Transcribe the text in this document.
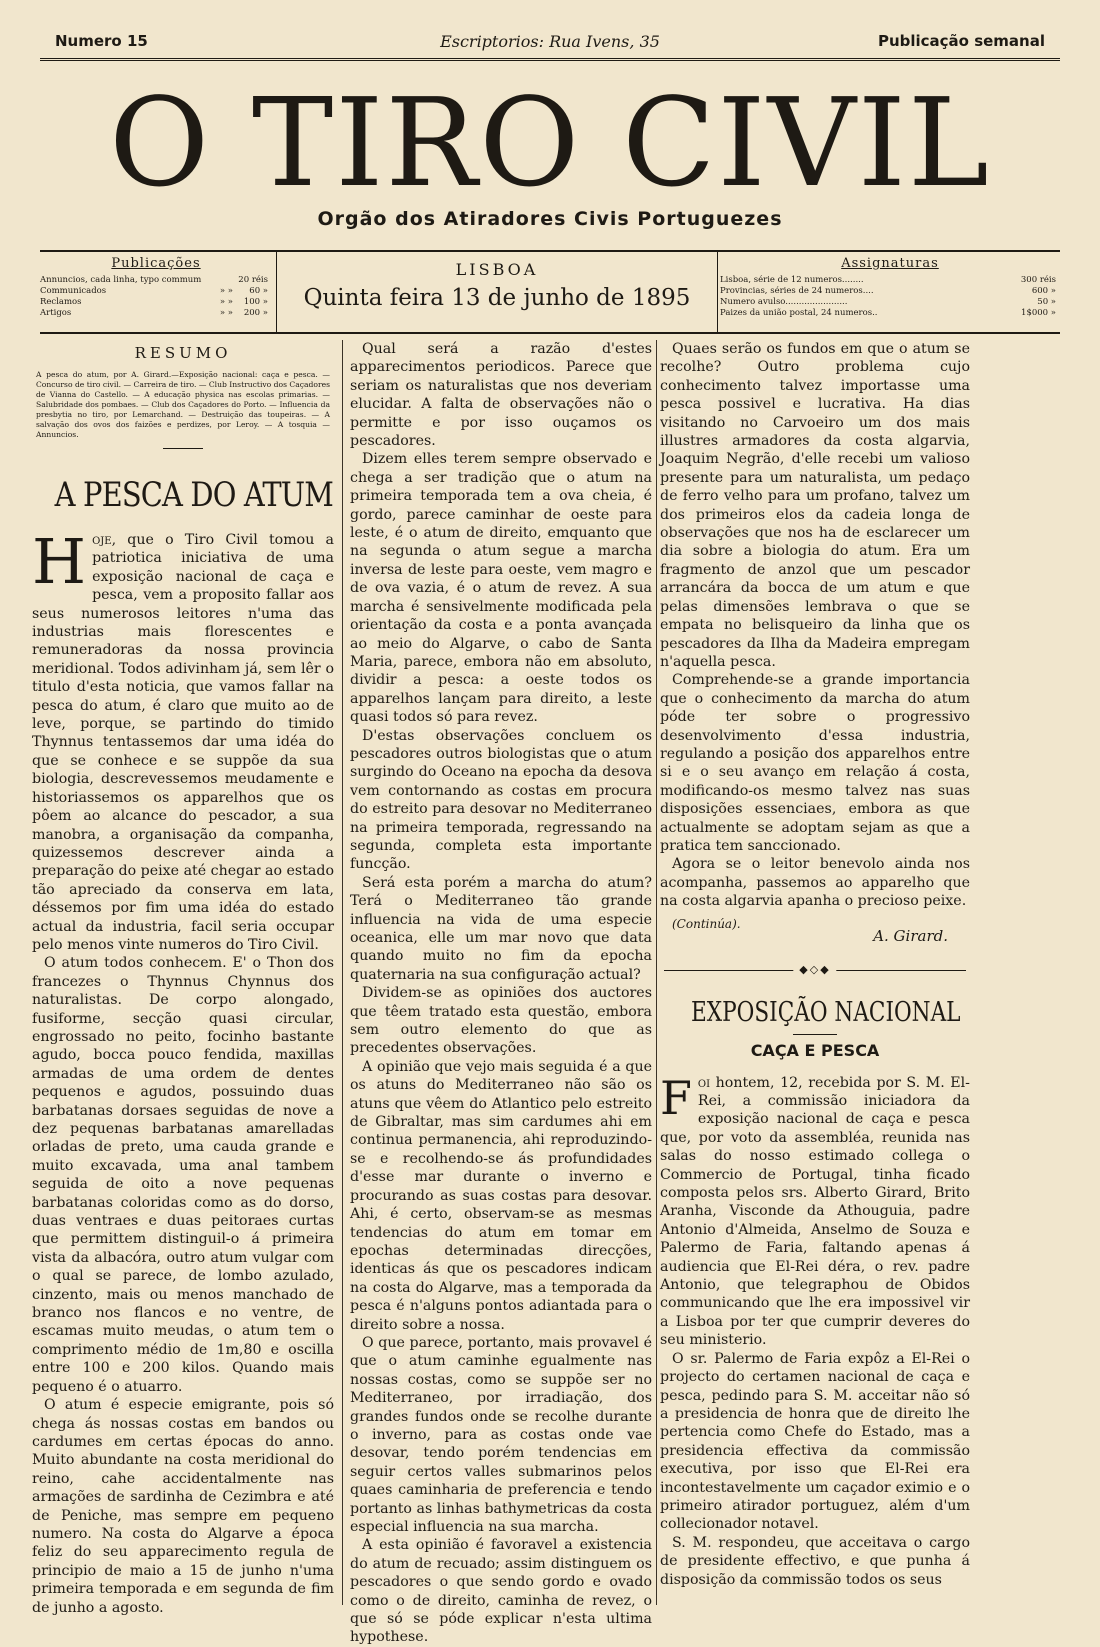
Numero 15	Escriptorios: Rua Ivens, 35	Publicação semanal
O TIRO CIVIL
Orgão dos Atiradores Civis Portuguezes
Publicações
Annuncios, cada linha, typo commum		20 réis
Communicados	» »	60 »
Reclamos	» »	100 »
Artigos	» »	200 »
LISBOA
Quinta feira 13 de junho de 1895
Assignaturas
Lisboa, série de 12 numeros........	300 réis
Provincias, séries de 24 numeros....	600 »
Numero avulso.......................	50 »
Paizes da união postal, 24 numeros..	1$000 »
RESUMO
A pesca do atum, por A. Girard.—Exposição nacional: caça e pesca. — Concurso de tiro civil. — Carreira de tiro. — Club Instructivo dos Caçadores de Vianna do Castello. — A educação physica nas escolas primarias. — Salubridade dos pombaes. — Club dos Caçadores do Porto. — Influencia da presbytia no tiro, por Lemarchand. — Destruição das toupeiras. — A salvação dos ovos dos faizões e perdizes, por Leroy. — A tosquia — Annuncios.
A PESCA DO ATUM

Hoje, que o Tiro Civil tomou a patriotica iniciativa de uma exposição nacional de caça e pesca, vem a proposito fallar aos seus numerosos leitores n'uma das industrias mais florescentes e remuneradoras da nossa provincia meridional. Todos adivinham já, sem lêr o titulo d'esta noticia, que vamos fallar na pesca do atum, é claro que muito ao de leve, porque, se partindo do timido Thynnus tentassemos dar uma idéa do que se conhece e se suppõe da sua biologia, descrevessemos meudamente e historiassemos os apparelhos que os pôem ao alcance do pescador, a sua manobra, a organisação da companha, quizessemos descrever ainda a preparação do peixe até chegar ao estado tão apreciado da conserva em lata, déssemos por fim uma idéa do estado actual da industria, facil seria occupar pelo menos vinte numeros do Tiro Civil.

O atum todos conhecem. E' o Thon dos francezes o Thynnus Chynnus dos naturalistas. De corpo alongado, fusiforme, secção quasi circular, engrossado no peito, focinho bastante agudo, bocca pouco fendida, maxillas armadas de uma ordem de dentes pequenos e agudos, possuindo duas barbatanas dorsaes seguidas de nove a dez pequenas barbatanas amarelladas orladas de preto, uma cauda grande e muito excavada, uma anal tambem seguida de oito a nove pequenas barbatanas coloridas como as do dorso, duas ventraes e duas peitoraes curtas que permittem distinguil-o á primeira vista da albacóra, outro atum vulgar com o qual se parece, de lombo azulado, cinzento, mais ou menos manchado de branco nos flancos e no ventre, de escamas muito meudas, o atum tem o comprimento médio de 1m,80 e oscilla entre 100 e 200 kilos. Quando mais pequeno é o atuarro.

O atum é especie emigrante, pois só chega ás nossas costas em bandos ou cardumes em certas épocas do anno. Muito abundante na costa meridional do reino, cahe accidentalmente nas armações de sardinha de Cezimbra e até de Peniche, mas sempre em pequeno numero. Na costa do Algarve a época feliz do seu apparecimento regula de principio de maio a 15 de junho n'uma primeira temporada e em segunda de fim de junho a agosto.

Qual será a razão d'estes apparecimentos periodicos. Parece que seriam os naturalistas que nos deveriam elucidar. A falta de observações não o permitte e por isso ouçamos os pescadores.

Dizem elles terem sempre observado e chega a ser tradição que o atum na primeira temporada tem a ova cheia, é gordo, parece caminhar de oeste para leste, é o atum de direito, emquanto que na segunda o atum segue a marcha inversa de leste para oeste, vem magro e de ova vazia, é o atum de revez. A sua marcha é sensivelmente modificada pela orientação da costa e a ponta avançada ao meio do Algarve, o cabo de Santa Maria, parece, embora não em absoluto, dividir a pesca: a oeste todos os apparelhos lançam para direito, a leste quasi todos só para revez.

D'estas observações concluem os pescadores outros biologistas que o atum surgindo do Oceano na epocha da desova vem contornando as costas em procura do estreito para desovar no Mediterraneo na primeira temporada, regressando na segunda, completa esta importante funcção.

Será esta porém a marcha do atum? Terá o Mediterraneo tão grande influencia na vida de uma especie oceanica, elle um mar novo que data quando muito no fim da epocha quaternaria na sua configuração actual?

Dividem-se as opiniões dos auctores que têem tratado esta questão, embora sem outro elemento do que as precedentes observações.

A opinião que vejo mais seguida é a que os atuns do Mediterraneo não são os atuns que vêem do Atlantico pelo estreito de Gibraltar, mas sim cardumes ahi em continua permanencia, ahi reproduzindo-se e recolhendo-se ás profundidades d'esse mar durante o inverno e procurando as suas costas para desovar. Ahi, é certo, observam-se as mesmas tendencias do atum em tomar em epochas determinadas direcções, identicas ás que os pescadores indicam na costa do Algarve, mas a temporada da pesca é n'alguns pontos adiantada para o direito sobre a nossa.

O que parece, portanto, mais provavel é que o atum caminhe egualmente nas nossas costas, como se suppõe ser no Mediterraneo, por irradiação, dos grandes fundos onde se recolhe durante o inverno, para as costas onde vae desovar, tendo porém tendencias em seguir certos valles submarinos pelos quaes caminharia de preferencia e tendo portanto as linhas bathymetricas da costa especial influencia na sua marcha.

A esta opinião é favoravel a existencia do atum de recuado; assim distinguem os pescadores o que sendo gordo e ovado como o de direito, caminha de revez, o que só se póde explicar n'esta ultima hypothese.

Quaes serão os fundos em que o atum se recolhe? Outro problema cujo conhecimento talvez importasse uma pesca possivel e lucrativa. Ha dias visitando no Carvoeiro um dos mais illustres armadores da costa algarvia, Joaquim Negrão, d'elle recebi um valioso presente para um naturalista, um pedaço de ferro velho para um profano, talvez um dos primeiros elos da cadeia longa de observações que nos ha de esclarecer um dia sobre a biologia do atum. Era um fragmento de anzol que um pescador arrancára da bocca de um atum e que pelas dimensões lembrava o que se empata no belisqueiro da linha que os pescadores da Ilha da Madeira empregam n'aquella pesca.

Comprehende-se a grande importancia que o conhecimento da marcha do atum póde ter sobre o progressivo desenvolvimento d'essa industria, regulando a posição dos apparelhos entre si e o seu avanço em relação á costa, modificando-os mesmo talvez nas suas disposições essenciaes, embora as que actualmente se adoptam sejam as que a pratica tem sanccionado.

Agora se o leitor benevolo ainda nos acompanha, passemos ao apparelho que na costa algarvia apanha o precioso peixe.

(Continúa).
A. Girard.
◆◇◆
EXPOSIÇÃO NACIONAL
CAÇA E PESCA

Foi hontem, 12, recebida por S. M. El-Rei, a commissão iniciadora da exposição nacional de caça e pesca que, por voto da assembléa, reunida nas salas do nosso estimado collega o Commercio de Portugal, tinha ficado composta pelos srs. Alberto Girard, Brito Aranha, Visconde da Athouguia, padre Antonio d'Almeida, Anselmo de Souza e Palermo de Faria, faltando apenas á audiencia que El-Rei déra, o rev. padre Antonio, que telegraphou de Obidos communicando que lhe era impossivel vir a Lisboa por ter que cumprir deveres do seu ministerio.

O sr. Palermo de Faria expôz a El-Rei o projecto do certamen nacional de caça e pesca, pedindo para S. M. acceitar não só a presidencia de honra que de direito lhe pertencia como Chefe do Estado, mas a presidencia effectiva da commissão executiva, por isso que El-Rei era incontestavelmente um caçador eximio e o primeiro atirador portuguez, além d'um collecionador notavel.

S. M. respondeu, que acceitava o cargo de presidente effectivo, e que punha á disposição da commissão todos os seus
